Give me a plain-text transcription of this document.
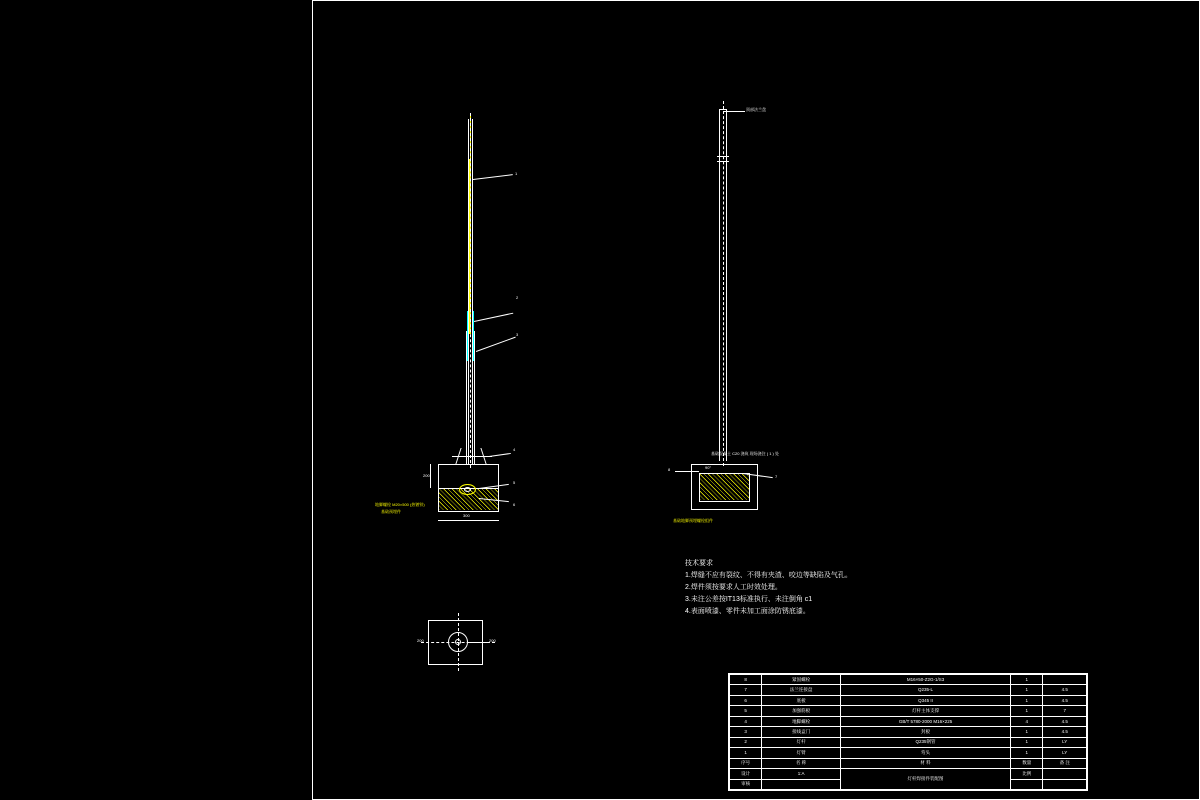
300
200
1
2
3
4
5
6
地脚螺栓 M20×500 (热镀锌)
基础预埋件
顶部法兰盘
90°
基础混凝土 C20 浇筑 现场浇注 ( 1 ) 处
8
7
基础地脚预埋螺栓组件
200	200
技术要求
1.焊缝不应有裂纹、不得有夹渣、咬边等缺陷及气孔。
2.焊件须按要求人工时效处理。
3.未注公差按IT13标准执行、未注倒角 c1
4.表面喷漆、零件未加工面涂防锈底漆。
8	紧固螺栓	M16×50-Z2G-1/S3	1	
7	法兰连接盘	Q235-L	1	4.5
6	底板	Q345 II	1	4.5
5	加强筋板	灯杆主体支撑	1	7
4	地脚螺栓	GB/T 5780-2000 M16×225	4	4.5
3	接线盒门	封板	1	4.5
2	灯杆	Q235钢管	1	LY
1	灯臂	弯头	1	LY
序号	名 称	材 料	数量	备 注
设计	1:A	灯杆焊接件装配图	比例	
审核				
